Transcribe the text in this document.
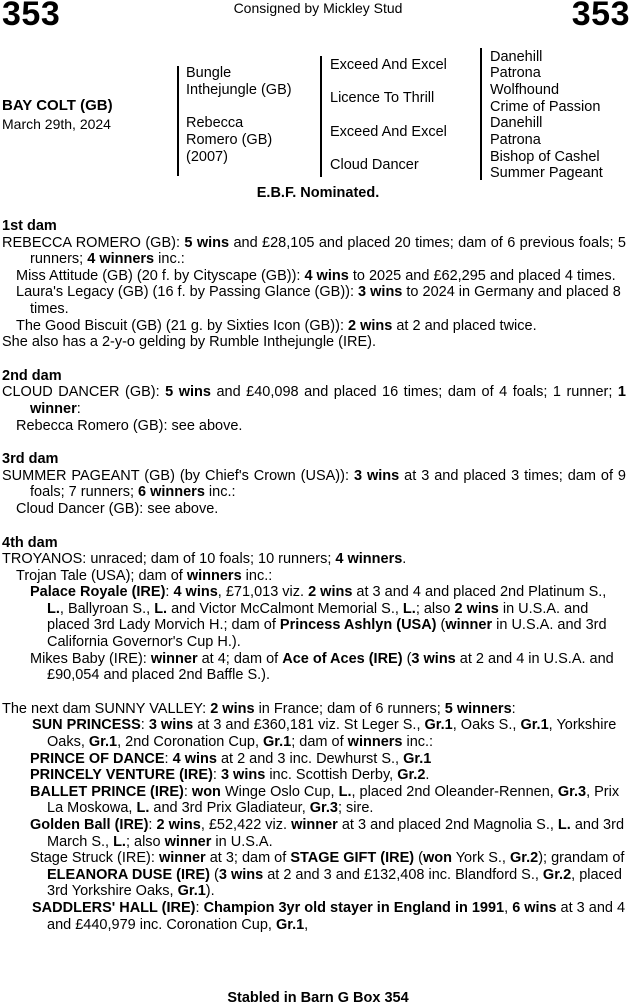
353	Consigned by Mickley Stud	353
BAY COLT (GB)
March 29th, 2024
Bungle
Inthejungle (GB)
Rebecca
Romero (GB)
(2007)
Exceed And Excel
Licence To Thrill
Exceed And Excel
Cloud Dancer
Danehill
Patrona
Wolfhound
Crime of Passion
Danehill
Patrona
Bishop of Cashel
Summer Pageant
E.B.F. Nominated.
1st dam
REBECCA ROMERO (GB): 5 wins and £28,105 and placed 20 times; dam of 6 previous foals; 5 runners; 4 winners inc.:
Miss Attitude (GB) (20 f. by Cityscape (GB)): 4 wins to 2025 and £62,295 and placed 4 times.
Laura's Legacy (GB) (16 f. by Passing Glance (GB)): 3 wins to 2024 in Germany and placed 8 times.
The Good Biscuit (GB) (21 g. by Sixties Icon (GB)): 2 wins at 2 and placed twice.
She also has a 2-y-o gelding by Rumble Inthejungle (IRE).
2nd dam
CLOUD DANCER (GB): 5 wins and £40,098 and placed 16 times; dam of 4 foals; 1 runner; 1 winner:
Rebecca Romero (GB): see above.
3rd dam
SUMMER PAGEANT (GB) (by Chief's Crown (USA)): 3 wins at 3 and placed 3 times; dam of 9 foals; 7 runners; 6 winners inc.:
Cloud Dancer (GB): see above.
4th dam
TROYANOS: unraced; dam of 10 foals; 10 runners; 4 winners.
Trojan Tale (USA); dam of winners inc.:
Palace Royale (IRE): 4 wins, £71,013 viz. 2 wins at 3 and 4 and placed 2nd Platinum S., L., Ballyroan S., L. and Victor McCalmont Memorial S., L.; also 2 wins in U.S.A. and placed 3rd Lady Morvich H.; dam of Princess Ashlyn (USA) (winner in U.S.A. and 3rd California Governor's Cup H.).
Mikes Baby (IRE): winner at 4; dam of Ace of Aces (IRE) (3 wins at 2 and 4 in U.S.A. and £90,054 and placed 2nd Baffle S.).
The next dam SUNNY VALLEY: 2 wins in France; dam of 6 runners; 5 winners:
SUN PRINCESS: 3 wins at 3 and £360,181 viz. St Leger S., Gr.1, Oaks S., Gr.1, Yorkshire Oaks, Gr.1, 2nd Coronation Cup, Gr.1; dam of winners inc.:
PRINCE OF DANCE: 4 wins at 2 and 3 inc. Dewhurst S., Gr.1
PRINCELY VENTURE (IRE): 3 wins inc. Scottish Derby, Gr.2.
BALLET PRINCE (IRE): won Winge Oslo Cup, L., placed 2nd Oleander-Rennen, Gr.3, Prix La Moskowa, L. and 3rd Prix Gladiateur, Gr.3; sire.
Golden Ball (IRE): 2 wins, £52,422 viz. winner at 3 and placed 2nd Magnolia S., L. and 3rd March S., L.; also winner in U.S.A.
Stage Struck (IRE): winner at 3; dam of STAGE GIFT (IRE) (won York S., Gr.2); grandam of ELEANORA DUSE (IRE) (3 wins at 2 and 3 and £132,408 inc. Blandford S., Gr.2, placed 3rd Yorkshire Oaks, Gr.1).
SADDLERS' HALL (IRE): Champion 3yr old stayer in England in 1991, 6 wins at 3 and 4 and £440,979 inc. Coronation Cup, Gr.1,
Stabled in Barn G Box 354
